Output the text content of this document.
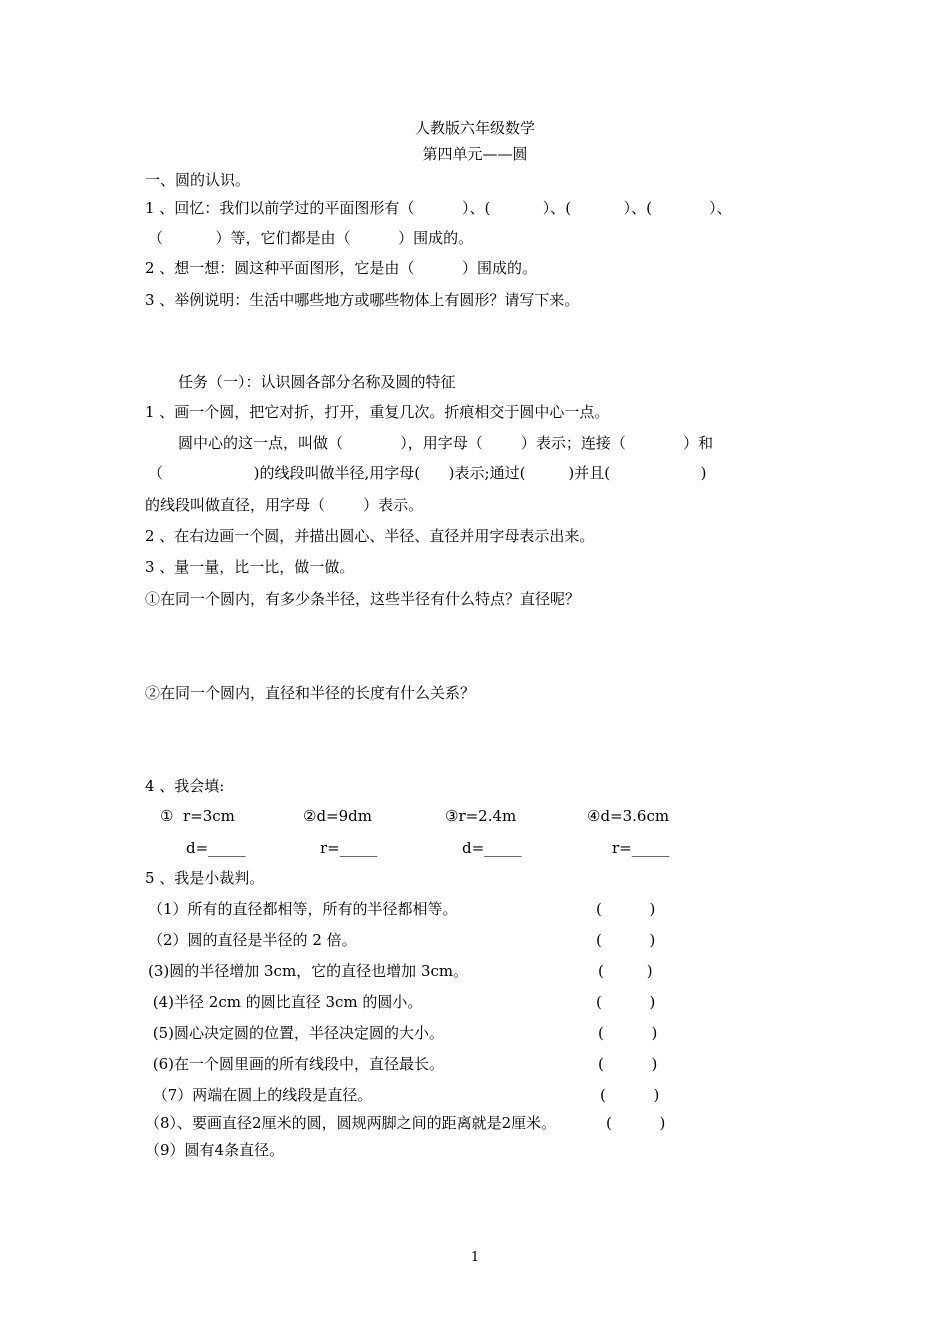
人教版六年级数学
第四单元——圆
一、圆的认识。
1 、回忆：我们以前学过的平面图形有（          ）、(           ）、(           ）、(            ）、
（           ）等，它们都是由（          ）围成的。
2 、想一想：圆这种平面图形，它是由（          ）围成的。
3 、举例说明：生活中哪些地方或哪些物体上有圆形？请写下来。
任务（一）：认识圆各部分名称及圆的特征
1 、画一个圆，把它对折，打开，重复几次。折痕相交于圆中心一点。
圆中心的这一点，叫做（            ），用字母（        ）表示；连接（            ）和
（                   )的线段叫做半径,用字母(      )表示;通过(         )并且(                   )
的线段叫做直径，用字母（        ）表示。
2 、在右边画一个圆，并描出圆心、半径、直径并用字母表示出来。
3 、量一量，比一比，做一做。
①在同一个圆内，有多少条半径，这些半径有什么特点？直径呢？
②在同一个圆内，直径和半径的长度有什么关系？
4 、我会填:
①  r=3cm	②d=9dm	③r=2.4m	④d=3.6cm
d=_____	r=_____	d=_____	r=_____
5 、我是小裁判。
（1）所有的直径都相等，所有的半径都相等。	(          )
（2）圆的直径是半径的 2 倍。	(          )
(3)圆的半径增加 3cm，它的直径也增加 3cm。	(         )
(4)半径 2cm 的圆比直径 3cm 的圆小。	(          )
(5)圆心决定圆的位置，半径决定圆的大小。	(          )
(6)在一个圆里画的所有线段中，直径最长。	(          )
（7）两端在圆上的线段是直径。	(          )
（8）、要画直径2厘米的圆，圆规两脚之间的距离就是2厘米。	(          )
（9）圆有4条直径。
1
